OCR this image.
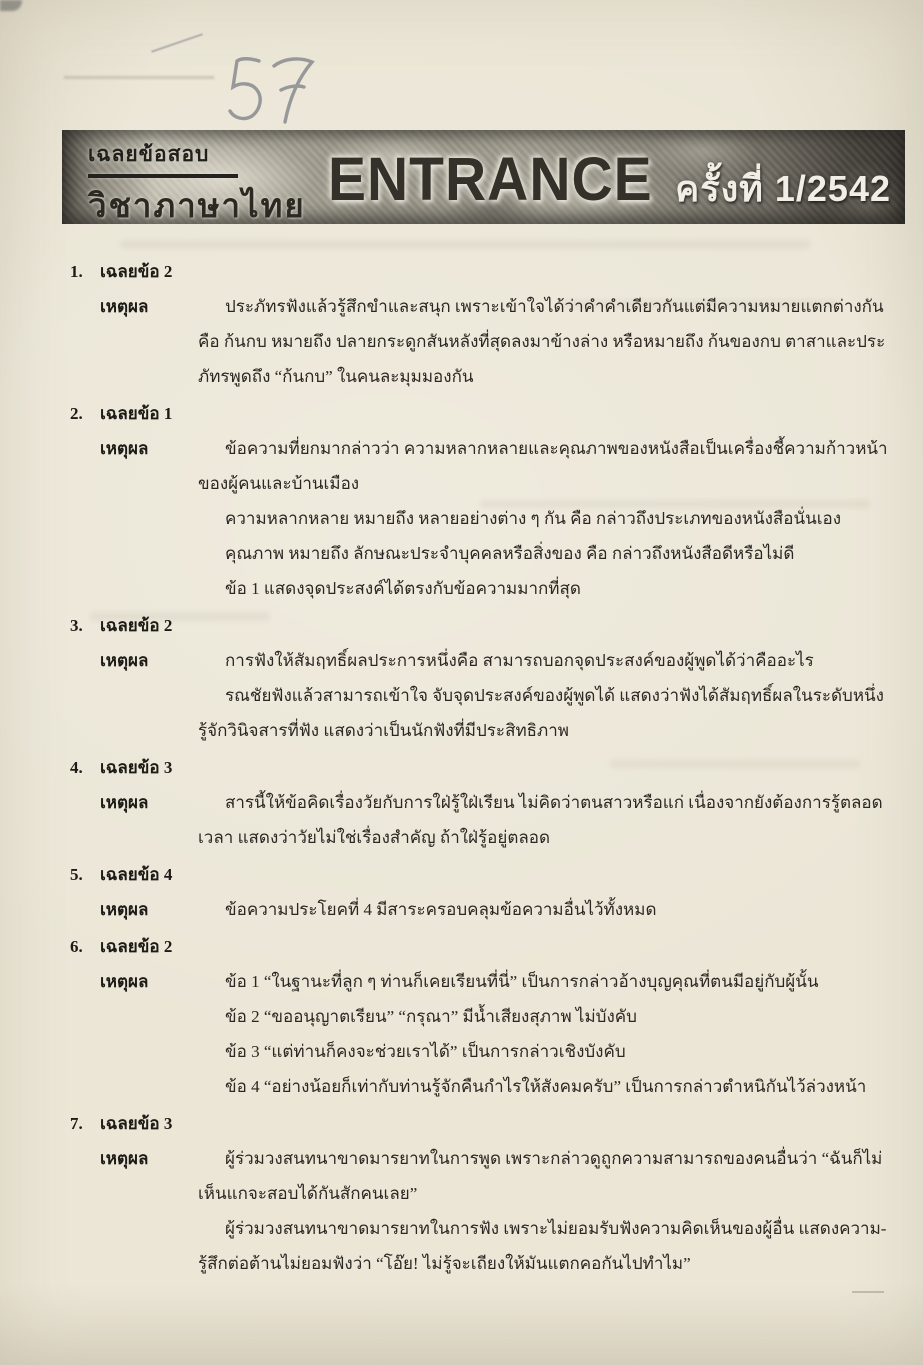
เฉลยข้อสอบ
วิชาภาษาไทย ENTRANCE ครั้งที่ 1/2542
1.	เฉลยข้อ 2
เหตุผล	ประภัทรฟังแล้วรู้สึกขำและสนุก เพราะเข้าใจได้ว่าคำคำเดียวกันแต่มีความหมายแตกต่างกัน คือ ก้นกบ หมายถึง ปลายกระดูกสันหลังที่สุดลงมาข้างล่าง หรือหมายถึง ก้นของกบ ตาสาและประภัทรพูดถึง “ก้นกบ” ในคนละมุมมองกัน

2.	เฉลยข้อ 1
เหตุผล	ข้อความที่ยกมากล่าวว่า ความหลากหลายและคุณภาพของหนังสือเป็นเครื่องชี้ความก้าวหน้าของผู้คนและบ้านเมือง

ความหลากหลาย หมายถึง หลายอย่างต่าง ๆ กัน คือ กล่าวถึงประเภทของหนังสือนั่นเอง

คุณภาพ หมายถึง ลักษณะประจำบุคคลหรือสิ่งของ คือ กล่าวถึงหนังสือดีหรือไม่ดี

ข้อ 1 แสดงจุดประสงค์ได้ตรงกับข้อความมากที่สุด

3.	เฉลยข้อ 2
เหตุผล	การฟังให้สัมฤทธิ์ผลประการหนึ่งคือ สามารถบอกจุดประสงค์ของผู้พูดได้ว่าคืออะไร

รณชัยฟังแล้วสามารถเข้าใจ จับจุดประสงค์ของผู้พูดได้ แสดงว่าฟังได้สัมฤทธิ์ผลในระดับหนึ่ง รู้จักวินิจสารที่ฟัง แสดงว่าเป็นนักฟังที่มีประสิทธิภาพ

4.	เฉลยข้อ 3
เหตุผล	สารนี้ให้ข้อคิดเรื่องวัยกับการใฝ่รู้ใฝ่เรียน ไม่คิดว่าตนสาวหรือแก่ เนื่องจากยังต้องการรู้ตลอดเวลา แสดงว่าวัยไม่ใช่เรื่องสำคัญ ถ้าใฝ่รู้อยู่ตลอด

5.	เฉลยข้อ 4
เหตุผล	ข้อความประโยคที่ 4 มีสาระครอบคลุมข้อความอื่นไว้ทั้งหมด

6.	เฉลยข้อ 2
เหตุผล	ข้อ 1 “ในฐานะที่ลูก ๆ ท่านก็เคยเรียนที่นี่” เป็นการกล่าวอ้างบุญคุณที่ตนมีอยู่กับผู้นั้น

ข้อ 2 “ขออนุญาตเรียน” “กรุณา” มีน้ำเสียงสุภาพ ไม่บังคับ

ข้อ 3 “แต่ท่านก็คงจะช่วยเราได้” เป็นการกล่าวเชิงบังคับ

ข้อ 4 “อย่างน้อยก็เท่ากับท่านรู้จักคืนกำไรให้สังคมครับ” เป็นการกล่าวตำหนิกันไว้ล่วงหน้า

7.	เฉลยข้อ 3
เหตุผล	ผู้ร่วมวงสนทนาขาดมารยาทในการพูด เพราะกล่าวดูถูกความสามารถของคนอื่นว่า “ฉันก็ไม่เห็นแกจะสอบได้กันสักคนเลย”

ผู้ร่วมวงสนทนาขาดมารยาทในการฟัง เพราะไม่ยอมรับฟังความคิดเห็นของผู้อื่น แสดงความ-รู้สึกต่อต้านไม่ยอมฟังว่า “โอ๊ย! ไม่รู้จะเถียงให้มันแตกคอกันไปทำไม”
